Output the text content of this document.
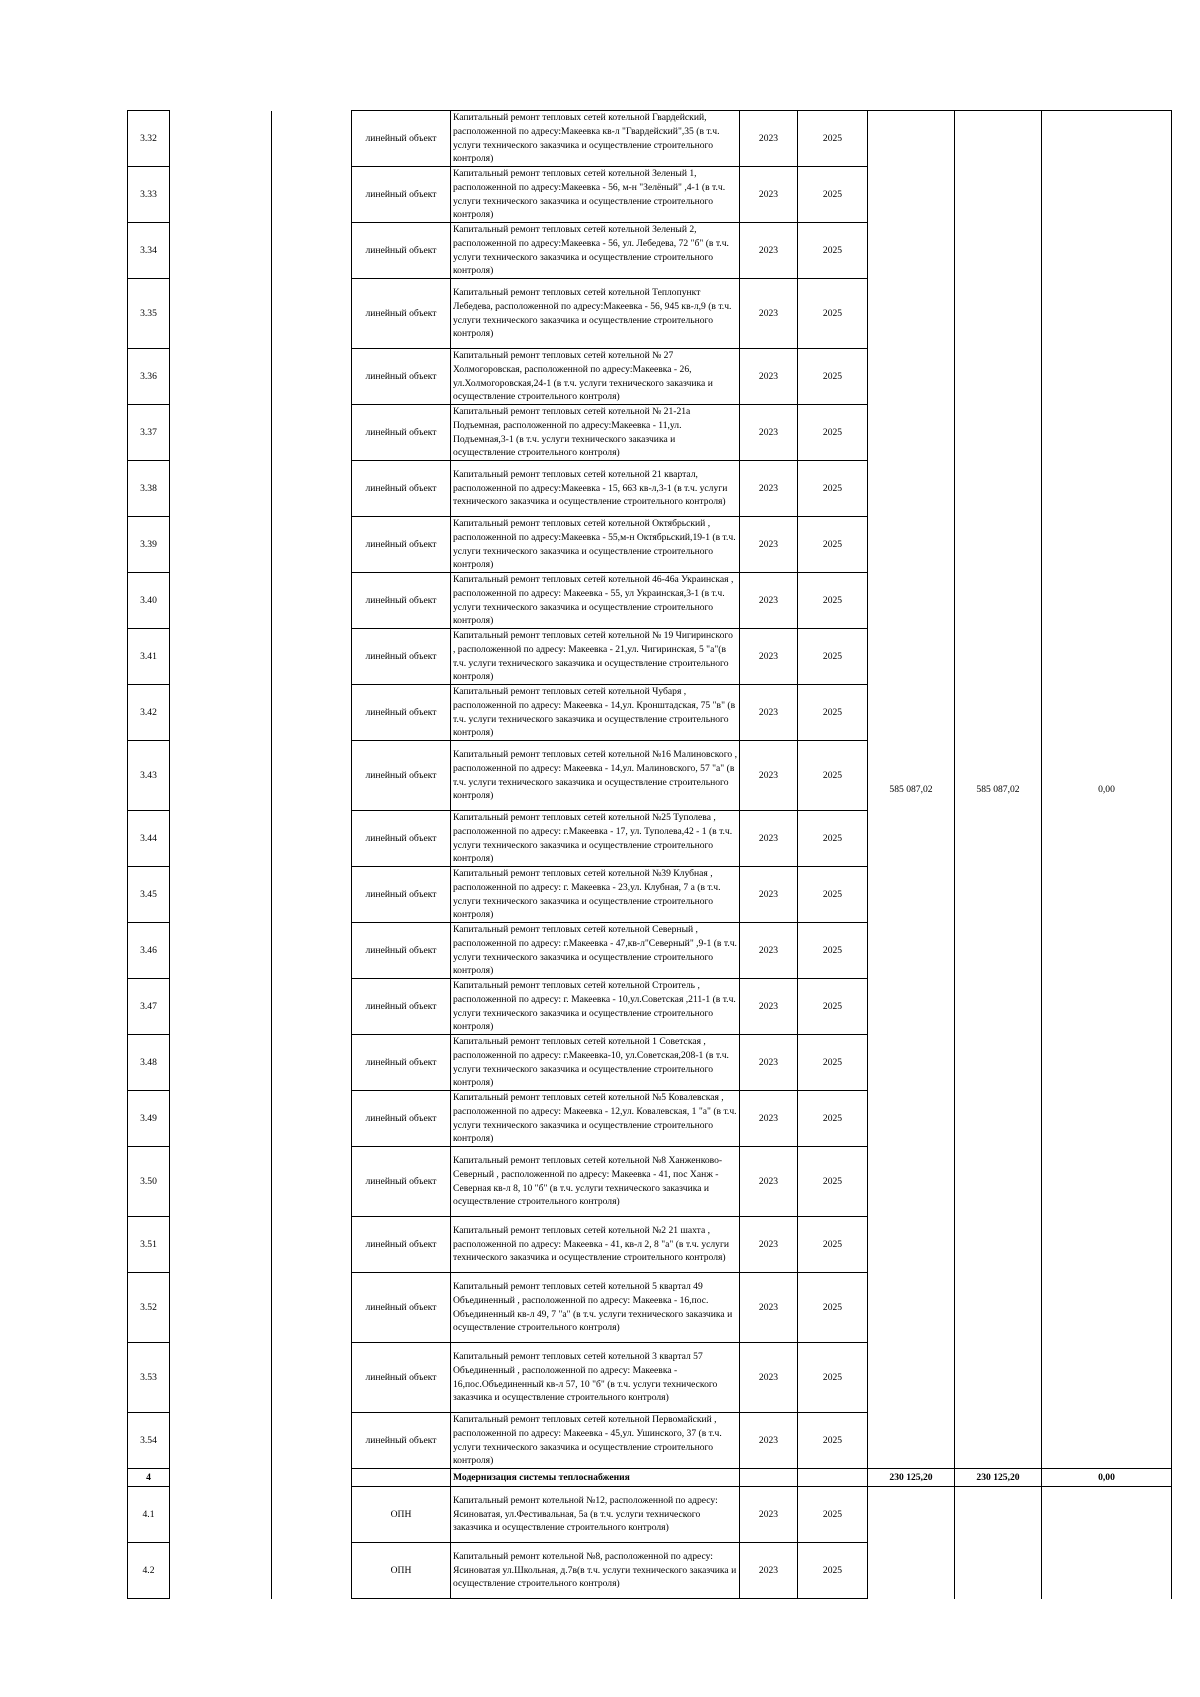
3.32			линейный объект	Капитальный ремонт тепловых сетей котельной Гвардейский, расположенной по адресу:Макеевка кв-л "Гвардейский",35 (в т.ч. услуги технического заказчика и осуществление строительного контроля)	2023	2025	585 087,02	585 087,02	0,00
3.33			линейный объект	Капитальный ремонт тепловых сетей котельной Зеленый 1, расположенной по адресу:Макеевка - 56, м-н "Зелёный" ,4-1 (в т.ч. услуги технического заказчика и осуществление строительного контроля)	2023	2025			
3.34			линейный объект	Капитальный ремонт тепловых сетей котельной Зеленый 2, расположенной по адресу:Макеевка - 56, ул. Лебедева, 72 "б" (в т.ч. услуги технического заказчика и осуществление строительного контроля)	2023	2025			
3.35			линейный объект	Капитальный ремонт тепловых сетей котельной Теплопункт Лебедева, расположенной по адресу:Макеевка - 56, 945 кв-л,9 (в т.ч. услуги технического заказчика и осуществление строительного контроля)	2023	2025			
3.36			линейный объект	Капитальный ремонт тепловых сетей котельной № 27 Холмогоровская, расположенной по адресу:Макеевка - 26, ул.Холмогоровская,24-1 (в т.ч. услуги технического заказчика и осуществление строительного контроля)	2023	2025			
3.37			линейный объект	Капитальный ремонт тепловых сетей котельной № 21-21а Подъемная, расположенной по адресу:Макеевка - 11,ул. Подъемная,3-1 (в т.ч. услуги технического заказчика и осуществление строительного контроля)	2023	2025			
3.38			линейный объект	Капитальный ремонт тепловых сетей котельной 21 квартал, расположенной по адресу:Макеевка - 15, 663 кв-л,3-1 (в т.ч. услуги технического заказчика и осуществление строительного контроля)	2023	2025			
3.39			линейный объект	Капитальный ремонт тепловых сетей котельной Октябрьский , расположенной по адресу:Макеевка - 55,м-н Октябрьский,19-1 (в т.ч. услуги технического заказчика и осуществление строительного контроля)	2023	2025			
3.40			линейный объект	Капитальный ремонт тепловых сетей котельной 46-46а Украинская , расположенной по адресу: Макеевка - 55, ул Украинская,3-1 (в т.ч. услуги технического заказчика и осуществление строительного контроля)	2023	2025			
3.41			линейный объект	Капитальный ремонт тепловых сетей котельной № 19 Чигиринского , расположенной по адресу: Макеевка - 21,ул. Чигиринская, 5 "а"(в т.ч. услуги технического заказчика и осуществление строительного контроля)	2023	2025			
3.42			линейный объект	Капитальный ремонт тепловых сетей котельной Чубаря , расположенной по адресу: Макеевка - 14,ул. Кронштадская, 75 "в" (в т.ч. услуги технического заказчика и осуществление строительного контроля)	2023	2025			
3.43			линейный объект	Капитальный ремонт тепловых сетей котельной №16 Малиновского , расположенной по адресу: Макеевка - 14,ул. Малиновского, 57 "а" (в т.ч. услуги технического заказчика и осуществление строительного контроля)	2023	2025			
3.44			линейный объект	Капитальный ремонт тепловых сетей котельной №25 Туполева , расположенной по адресу: г.Макеевка - 17, ул. Туполева,42 - 1 (в т.ч. услуги технического заказчика и осуществление строительного контроля)	2023	2025			
3.45			линейный объект	Капитальный ремонт тепловых сетей котельной №39 Клубная , расположенной по адресу: г. Макеевка - 23,ул. Клубная, 7 а (в т.ч. услуги технического заказчика и осуществление строительного контроля)	2023	2025			
3.46			линейный объект	Капитальный ремонт тепловых сетей котельной Северный , расположенной по адресу: г.Макеевка - 47,кв-л"Северный" ,9-1 (в т.ч. услуги технического заказчика и осуществление строительного контроля)	2023	2025			
3.47			линейный объект	Капитальный ремонт тепловых сетей котельной Строитель , расположенной по адресу: г. Макеевка - 10,ул.Советская ,211-1 (в т.ч. услуги технического заказчика и осуществление строительного контроля)	2023	2025			
3.48			линейный объект	Капитальный ремонт тепловых сетей котельной 1 Советская , расположенной по адресу: г.Макеевка-10, ул.Советская,208-1 (в т.ч. услуги технического заказчика и осуществление строительного контроля)	2023	2025			
3.49			линейный объект	Капитальный ремонт тепловых сетей котельной №5 Ковалевская , расположенной по адресу: Макеевка - 12,ул. Ковалевская, 1 "а" (в т.ч. услуги технического заказчика и осуществление строительного контроля)	2023	2025			
3.50			линейный объект	Капитальный ремонт тепловых сетей котельной №8 Ханженково-Северный , расположенной по адресу: Макеевка - 41, пос Ханж - Северная кв-л 8, 10 "б" (в т.ч. услуги технического заказчика и осуществление строительного контроля)	2023	2025			
3.51			линейный объект	Капитальный ремонт тепловых сетей котельной №2 21 шахта , расположенной по адресу: Макеевка - 41, кв-л 2, 8 "а" (в т.ч. услуги технического заказчика и осуществление строительного контроля)	2023	2025			
3.52			линейный объект	Капитальный ремонт тепловых сетей котельной 5 квартал 49 Объединенный , расположенной по адресу: Макеевка - 16,пос. Объединенный кв-л 49, 7 "а" (в т.ч. услуги технического заказчика и осуществление строительного контроля)	2023	2025			
3.53			линейный объект	Капитальный ремонт тепловых сетей котельной 3 квартал 57 Объединенный , расположенной по адресу: Макеевка - 16,пос.Объединенный кв-л 57, 10 "б" (в т.ч. услуги технического заказчика и осуществление строительного контроля)	2023	2025			
3.54			линейный объект	Капитальный ремонт тепловых сетей котельной Первомайский , расположенной по адресу: Макеевка - 45,ул. Ушинского, 37 (в т.ч. услуги технического заказчика и осуществление строительного контроля)	2023	2025			
4				Модернизация системы теплоснабжения			230 125,20	230 125,20	0,00
4.1			ОПН	Капитальный ремонт котельной №12, расположенной по адресу: Ясиноватая, ул.Фестивальная, 5а (в т.ч. услуги технического заказчика и осуществление строительного контроля)	2023	2025			
4.2			ОПН	Капитальный ремонт котельной №8, расположенной по адресу: Ясиноватая ул.Школьная, д.7в(в т.ч. услуги технического заказчика и осуществление строительного контроля)	2023	2025			
